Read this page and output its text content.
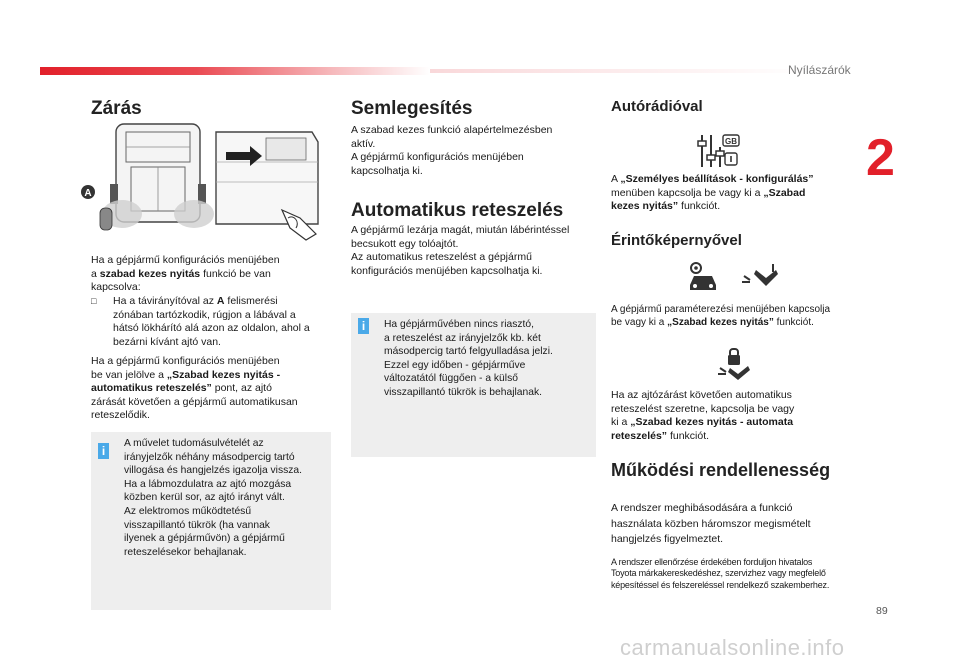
Nyílászárók
2
Zárás
A

Ha a gépjármű konfigurációs menüjében
a szabad kezes nyitás funkció be van
kapcsolva:

□ Ha a távirányítóval az A felismerési
zónában tartózkodik, rúgjon a lábával a
hátsó lökhárító alá azon az oldalon, ahol a
bezárni kívánt ajtó van.

Ha a gépjármű konfigurációs menüjében
be van jelölve a „Szabad kezes nyitás -
automatikus reteszelés” pont, az ajtó
zárását követően a gépjármű automatikusan
reteszelődik.

i

A művelet tudomásulvételét az
irányjelzők néhány másodpercig tartó
villogása és hangjelzés igazolja vissza.
Ha a lábmozdulatra az ajtó mozgása
közben kerül sor, az ajtó irányt vált.
Az elektromos működtetésű
visszapillantó tükrök (ha vannak
ilyenek a gépjárművön) a gépjármű
reteszelésekor behajlanak.

Semlegesítés

A szabad kezes funkció alapértelmezésben
aktív.
A gépjármű konfigurációs menüjében
kapcsolhatja ki.

Automatikus reteszelés

A gépjármű lezárja magát, miután lábérintéssel
becsukott egy tolóajtót.
Az automatikus reteszelést a gépjármű
konfigurációs menüjében kapcsolhatja ki.

i	Ha gépjárművében nincs riasztó,
a reteszelést az irányjelzők kb. két
másodpercig tartó felgyulladása jelzi.
Ezzel egy időben - gépjárműve
változatától függően - a külső
visszapillantó tükrök is behajlanak.

Autórádióval
GB

A „Személyes beállítások - konfigurálás”
menüben kapcsolja be vagy ki a „Szabad
kezes nyitás” funkciót.

Érintőképernyővel

A gépjármű paraméterezési menüjében kapcsolja
be vagy ki a „Szabad kezes nyitás” funkciót.

Ha az ajtózárást követően automatikus
reteszelést szeretne, kapcsolja be vagy
ki a „Szabad kezes nyitás - automata
reteszelés” funkciót.

Működési rendellenesség

A rendszer meghibásodására a funkció
használata közben háromszor megismételt
hangjelzés figyelmeztet.

A rendszer ellenőrzése érdekében forduljon hivatalos
Toyota márkakereskedéshez, szervizhez vagy megfelelő
képesítéssel és felszereléssel rendelkező szakemberhez.

89
carmanualsonline.info
